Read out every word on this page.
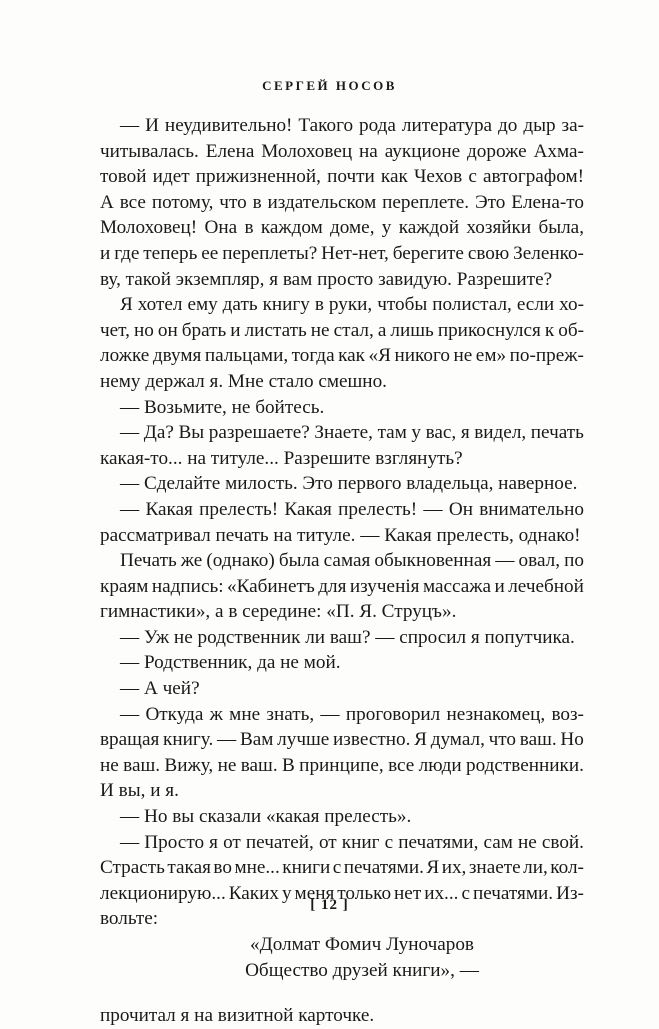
СЕРГЕЙ НОСОВ
— И неудивительно! Такого рода литература до дыр за-
читывалась. Елена Молоховец на аукционе дороже Ахма-
товой идет прижизненной, почти как Чехов с автографом!
А все потому, что в издательском переплете. Это Елена-то
Молоховец! Она в каждом доме, у каждой хозяйки была,
и где теперь ее переплеты? Нет-нет, берегите свою Зеленко-
ву, такой экземпляр, я вам просто завидую. Разрешите?
Я хотел ему дать книгу в руки, чтобы полистал, если хо-
чет, но он брать и листать не стал, а лишь прикоснулся к об-
ложке двумя пальцами, тогда как «Я никого не ем» по-преж-
нему держал я. Мне стало смешно.
— Возьмите, не бойтесь.
— Да? Вы разрешаете? Знаете, там у вас, я видел, печать
какая-то... на титуле... Разрешите взглянуть?
— Сделайте милость. Это первого владельца, наверное.
— Какая прелесть! Какая прелесть! — Он внимательно
рассматривал печать на титуле. — Какая прелесть, однако!
Печать же (однако) была самая обыкновенная — овал, по
краям надпись: «Кабинетъ для изученiя массажа и лечебной
гимнастики», а в середине: «П. Я. Струцъ».
— Уж не родственник ли ваш? — спросил я попутчика.
— Родственник, да не мой.
— А чей?
— Откуда ж мне знать, — проговорил незнакомец, воз-
вращая книгу. — Вам лучше известно. Я думал, что ваш. Но
не ваш. Вижу, не ваш. В принципе, все люди родственники.
И вы, и я.
— Но вы сказали «какая прелесть».
— Просто я от печатей, от книг с печатями, сам не свой.
Страсть такая во мне... книги с печатями. Я их, знаете ли, кол-
лекционирую... Каких у меня только нет их... с печатями. Из-
вольте:
«Долмат Фомич Луночаров
Общество друзей книги», —
прочитал я на визитной карточке.
[ 12 ]
